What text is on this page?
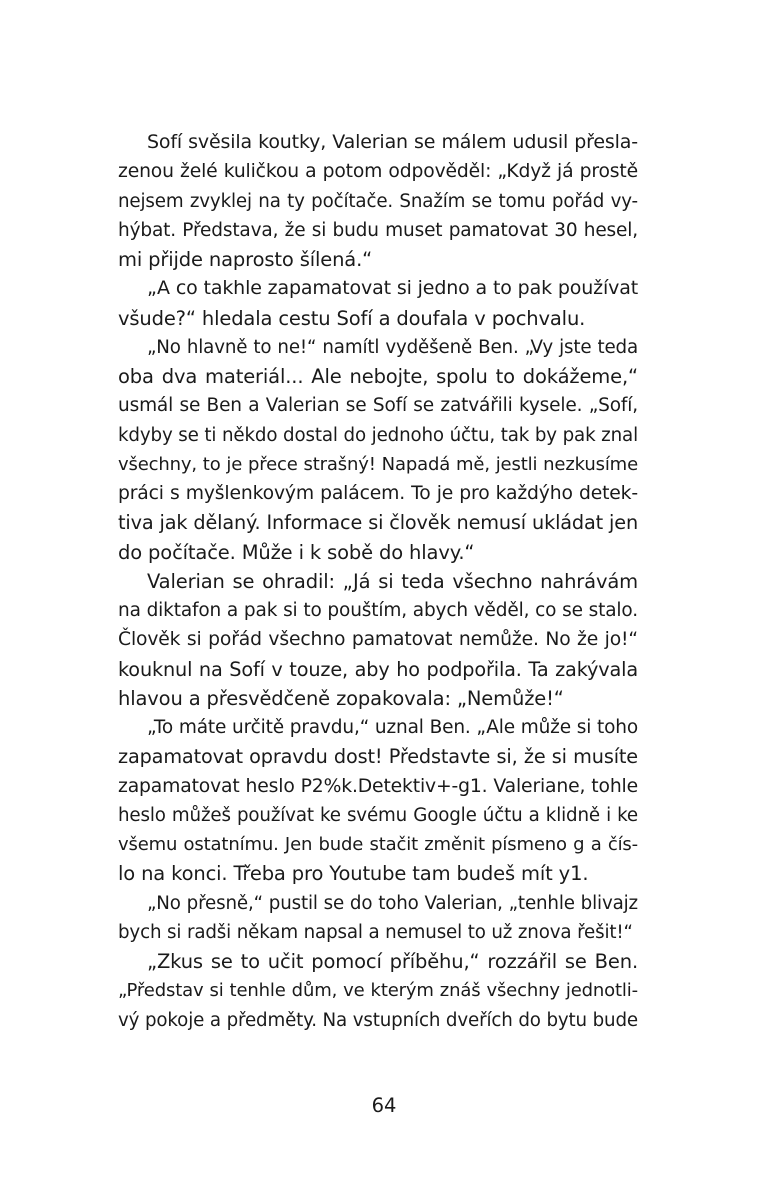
Sofí svěsila koutky, Valerian se málem udusil přesla-
zenou želé kuličkou a potom odpověděl: „Když já prostě
nejsem zvyklej na ty počítače. Snažím se tomu pořád vy-
hýbat. Představa, že si budu muset pamatovat 30 hesel,
mi přijde naprosto šílená.“
„A co takhle zapamatovat si jedno a to pak používat
všude?“ hledala cestu Sofí a doufala v pochvalu.
„No hlavně to ne!“ namítl vyděšeně Ben. „Vy jste teda
oba dva materiál... Ale nebojte, spolu to dokážeme,“
usmál se Ben a Valerian se Sofí se zatvářili kysele. „Sofí,
kdyby se ti někdo dostal do jednoho účtu, tak by pak znal
všechny, to je přece strašný! Napadá mě, jestli nezkusíme
práci s myšlenkovým palácem. To je pro každýho detek-
tiva jak dělaný. Informace si člověk nemusí ukládat jen
do počítače. Může i k sobě do hlavy.“
Valerian se ohradil: „Já si teda všechno nahrávám
na diktafon a pak si to pouštím, abych věděl, co se stalo.
Člověk si pořád všechno pamatovat nemůže. No že jo!“
kouknul na Sofí v touze, aby ho podpořila. Ta zakývala
hlavou a přesvědčeně zopakovala: „Nemůže!“
„To máte určitě pravdu,“ uznal Ben. „Ale může si toho
zapamatovat opravdu dost! Představte si, že si musíte
zapamatovat heslo P2%k.Detektiv+-g1. Valeriane, tohle
heslo můžeš používat ke svému Google účtu a klidně i ke
všemu ostatnímu. Jen bude stačit změnit písmeno g a čís-
lo na konci. Třeba pro Youtube tam budeš mít y1.
„No přesně,“ pustil se do toho Valerian, „tenhle blivajz
bych si radši někam napsal a nemusel to už znova řešit!“
„Zkus se to učit pomocí příběhu,“ rozzářil se Ben.
„Představ si tenhle dům, ve kterým znáš všechny jednotli-
vý pokoje a předměty. Na vstupních dveřích do bytu bude
64
